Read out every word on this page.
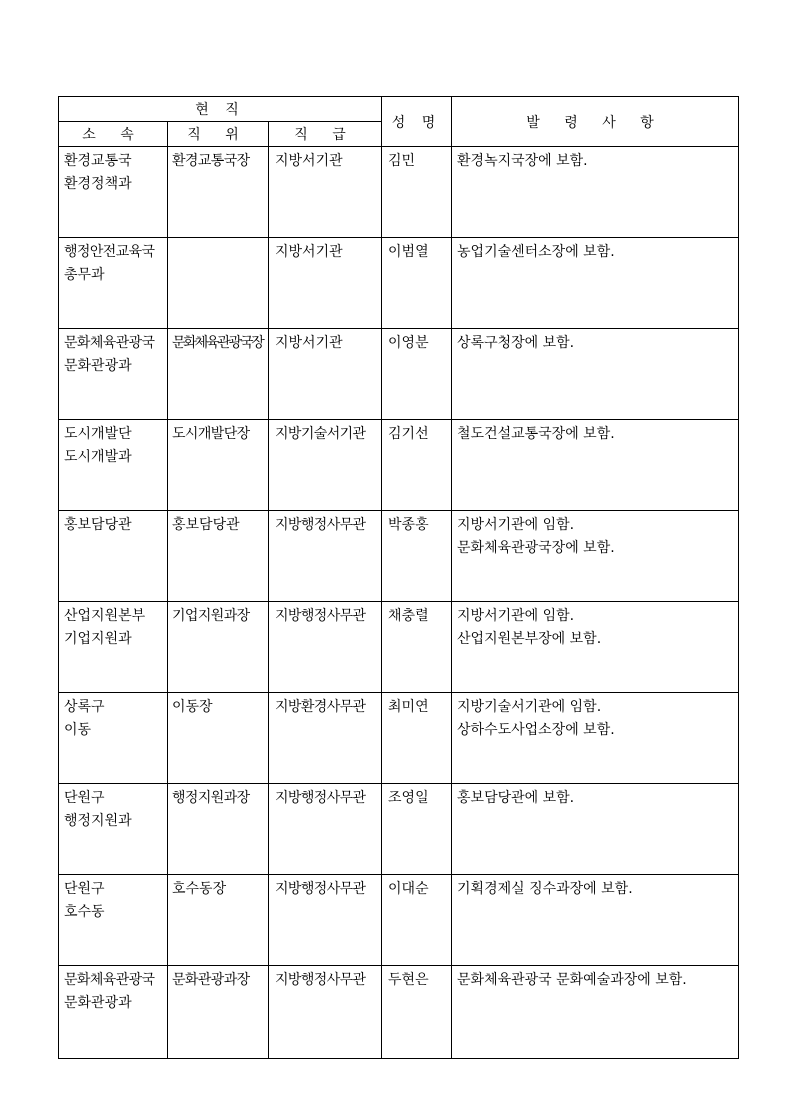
현 직			성 명	발 령 사 항
소 속	직 위	직 급		

환경교통국
환경정책과	환경교통국장	지방서기관	김민	환경녹지국장에 보함.

행정안전교육국
총무과		지방서기관	이범열	농업기술센터소장에 보함.

문화체육관광국
문화관광과	문화체육관광국장	지방서기관	이영분	상록구청장에 보함.

도시개발단
도시개발과	도시개발단장	지방기술서기관	김기선	철도건설교통국장에 보함.

홍보담당관	홍보담당관	지방행정사무관	박종홍	지방서기관에 임함.
문화체육관광국장에 보함.

산업지원본부
기업지원과	기업지원과장	지방행정사무관	채충렬	지방서기관에 임함.
산업지원본부장에 보함.

상록구
이동	이동장	지방환경사무관	최미연	지방기술서기관에 임함.
상하수도사업소장에 보함.

단원구
행정지원과	행정지원과장	지방행정사무관	조영일	홍보담당관에 보함.

단원구
호수동	호수동장	지방행정사무관	이대순	기획경제실 징수과장에 보함.

문화체육관광국
문화관광과	문화관광과장	지방행정사무관	두현은	문화체육관광국 문화예술과장에 보함.
